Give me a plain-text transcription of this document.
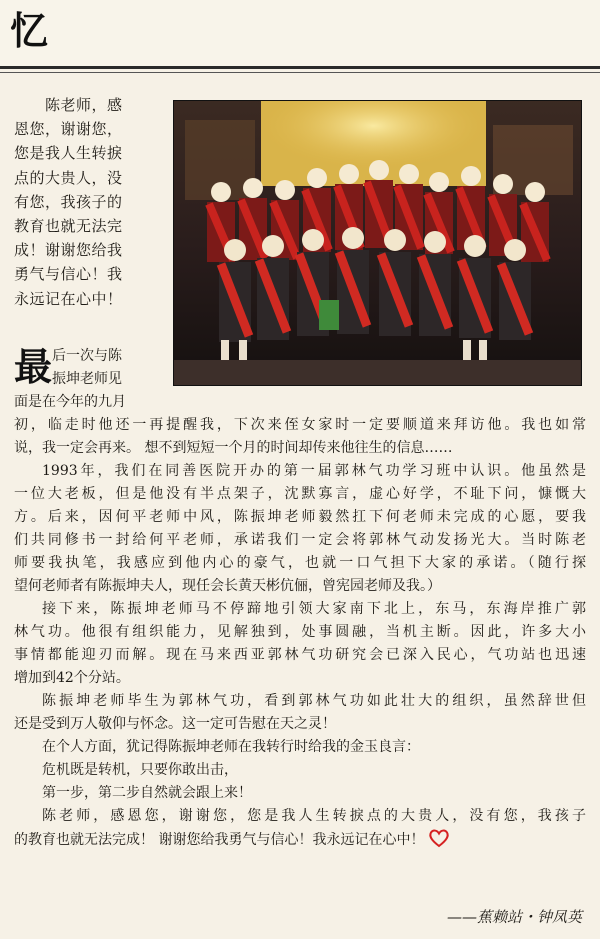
忆
　　陈老师，感
恩您，谢谢您，
您是我人生转捩
点的大贵人，没
有您，我孩子的
教育也就无法完
成！谢谢您给我
勇气与信心！我
永远记在心中！
最 后一次与陈
振坤老师见
面是在今年的九月
初，临走时他还一再提醒我，下次来侄女家时一定要顺道来拜访他。我也如常
说，我一定会再来。 想不到短短一个月的时间却传来他往生的信息……
1993年，我们在同善医院开办的第一届郭林气功学习班中认识。他虽然是
一位大老板，但是他没有半点架子，沈默寡言，虚心好学，不耻下问，慷慨大
方。后来，因何平老师中风，陈振坤老师毅然扛下何老师未完成的心愿，要我
们共同修书一封给何平老师，承诺我们一定会将郭林气动发扬光大。当时陈老
师要我执笔，我感应到他内心的豪气，也就一口气担下大家的承诺。（随行探
望何老师者有陈振坤夫人，现任会长黄天彬伉俪，曾宪园老师及我。）
接下来，陈振坤老师马不停蹄地引领大家南下北上，东马，东海岸推广郭
林气功。他很有组织能力，见解独到，处事圆融，当机主断。因此，许多大小
事情都能迎刃而解。现在马来西亚郭林气功研究会已深入民心，气功站也迅速
增加到42个分站。
陈振坤老师毕生为郭林气功，看到郭林气功如此壮大的组织，虽然辞世但
还是受到万人敬仰与怀念。这一定可告慰在天之灵！
在个人方面，犹记得陈振坤老师在我转行时给我的金玉良言：
危机既是转机，只要你敢出击，
第一步，第二步自然就会跟上来！
陈老师，感恩您，谢谢您，您是我人生转捩点的大贵人，没有您，我孩子
的教育也就无法完成！ 谢谢您给我勇气与信心！我永远记在心中！
——蕉赖站・钟凤英
